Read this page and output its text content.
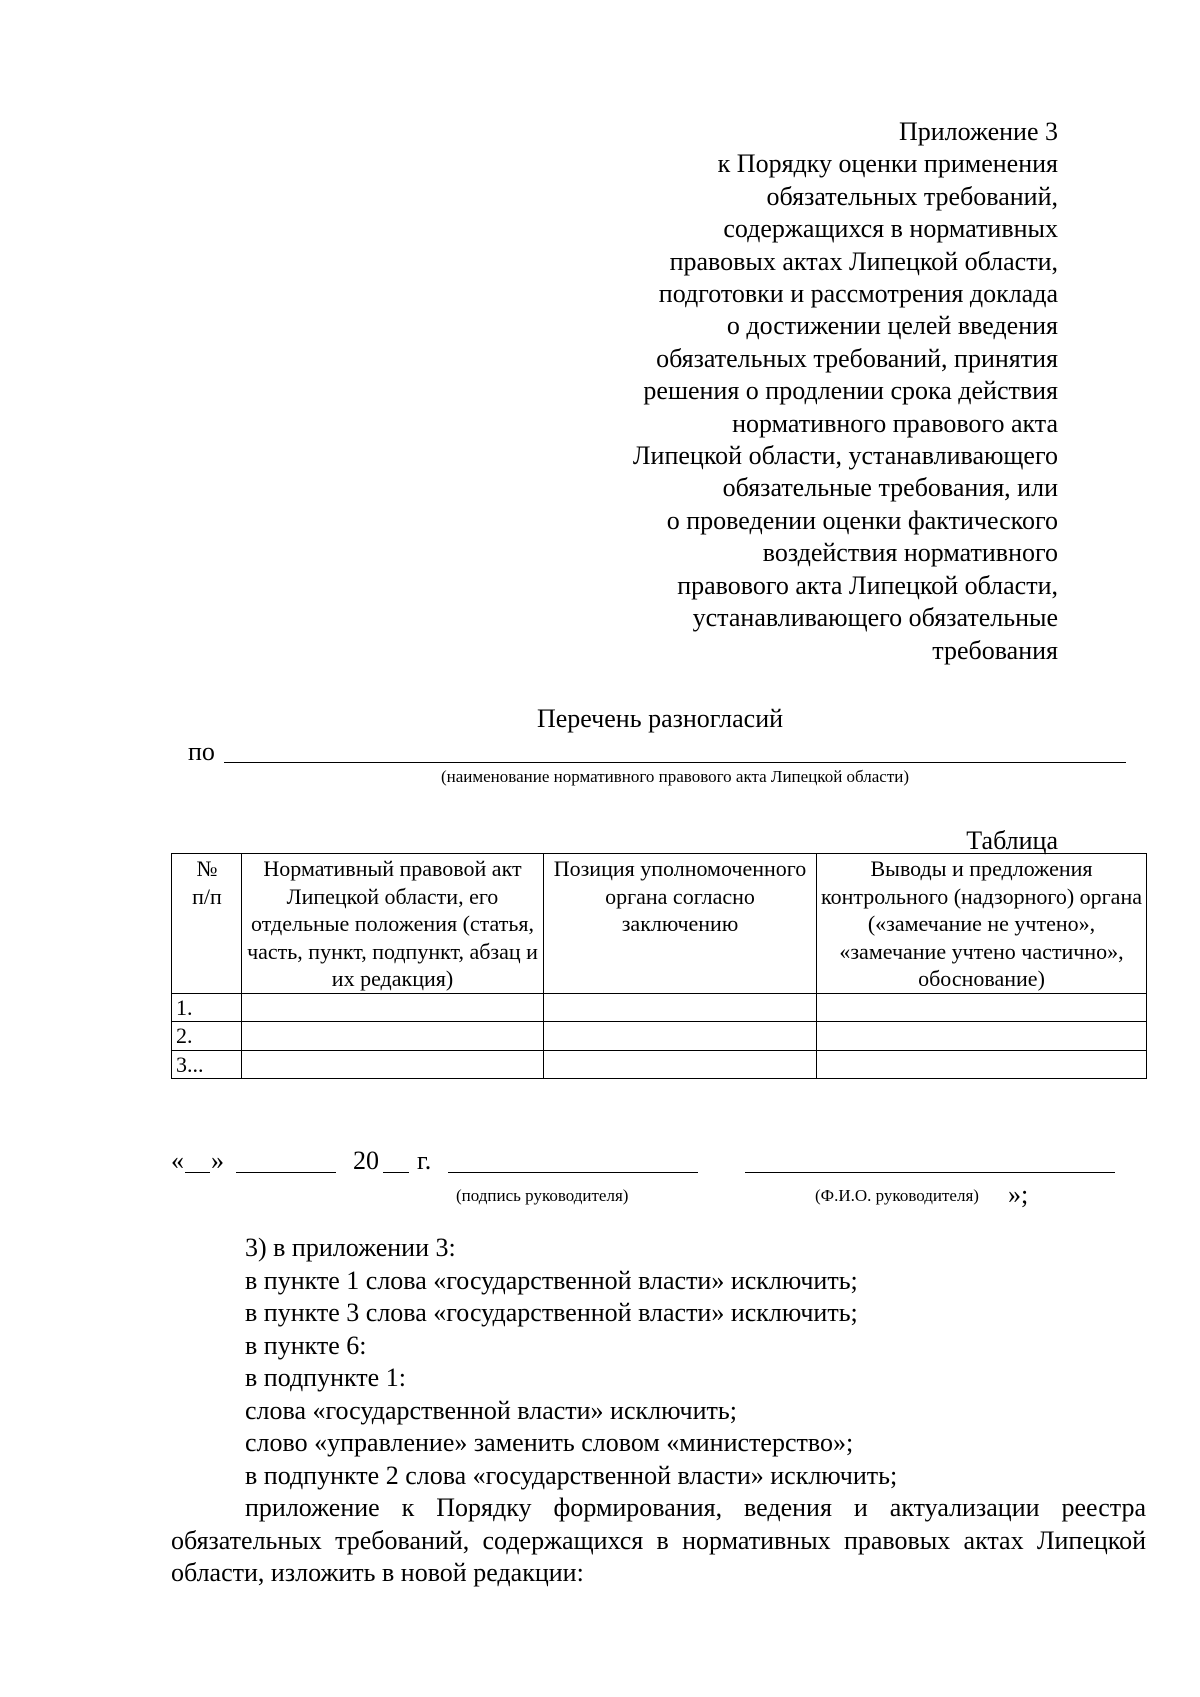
Приложение 3
к Порядку оценки применения
обязательных требований,
содержащихся в нормативных
правовых актах Липецкой области,
подготовки и рассмотрения доклада
о достижении целей введения
обязательных требований, принятия
решения о продлении срока действия
нормативного правового акта
Липецкой области, устанавливающего
обязательные требования, или
о проведении оценки фактического
воздействия нормативного
правового акта Липецкой области,
устанавливающего обязательные
требования
Перечень разногласий
по
(наименование нормативного правового акта Липецкой области)
Таблица
№ п/п	Нормативный правовой акт Липецкой области, его отдельные положения (статья, часть, пункт, подпункт, абзац и их редакция)	Позиция уполномоченного органа согласно заключению	Выводы и предложения контрольного (надзорного) органа («замечание не учтено», «замечание учтено частично», обоснование)
1.			
2.			
3...			
« »	20 г.
(подпись руководителя)	(Ф.И.О. руководителя) »;
3) в приложении 3:
в пункте 1 слова «государственной власти» исключить;
в пункте 3 слова «государственной власти» исключить;
в пункте 6:
в подпункте 1:
слова «государственной власти» исключить;
слово «управление» заменить словом «министерство»;
в подпункте 2 слова «государственной власти» исключить;
приложение к Порядку формирования, ведения и актуализации реестра обязательных требований, содержащихся в нормативных правовых актах Липецкой области, изложить в новой редакции:
